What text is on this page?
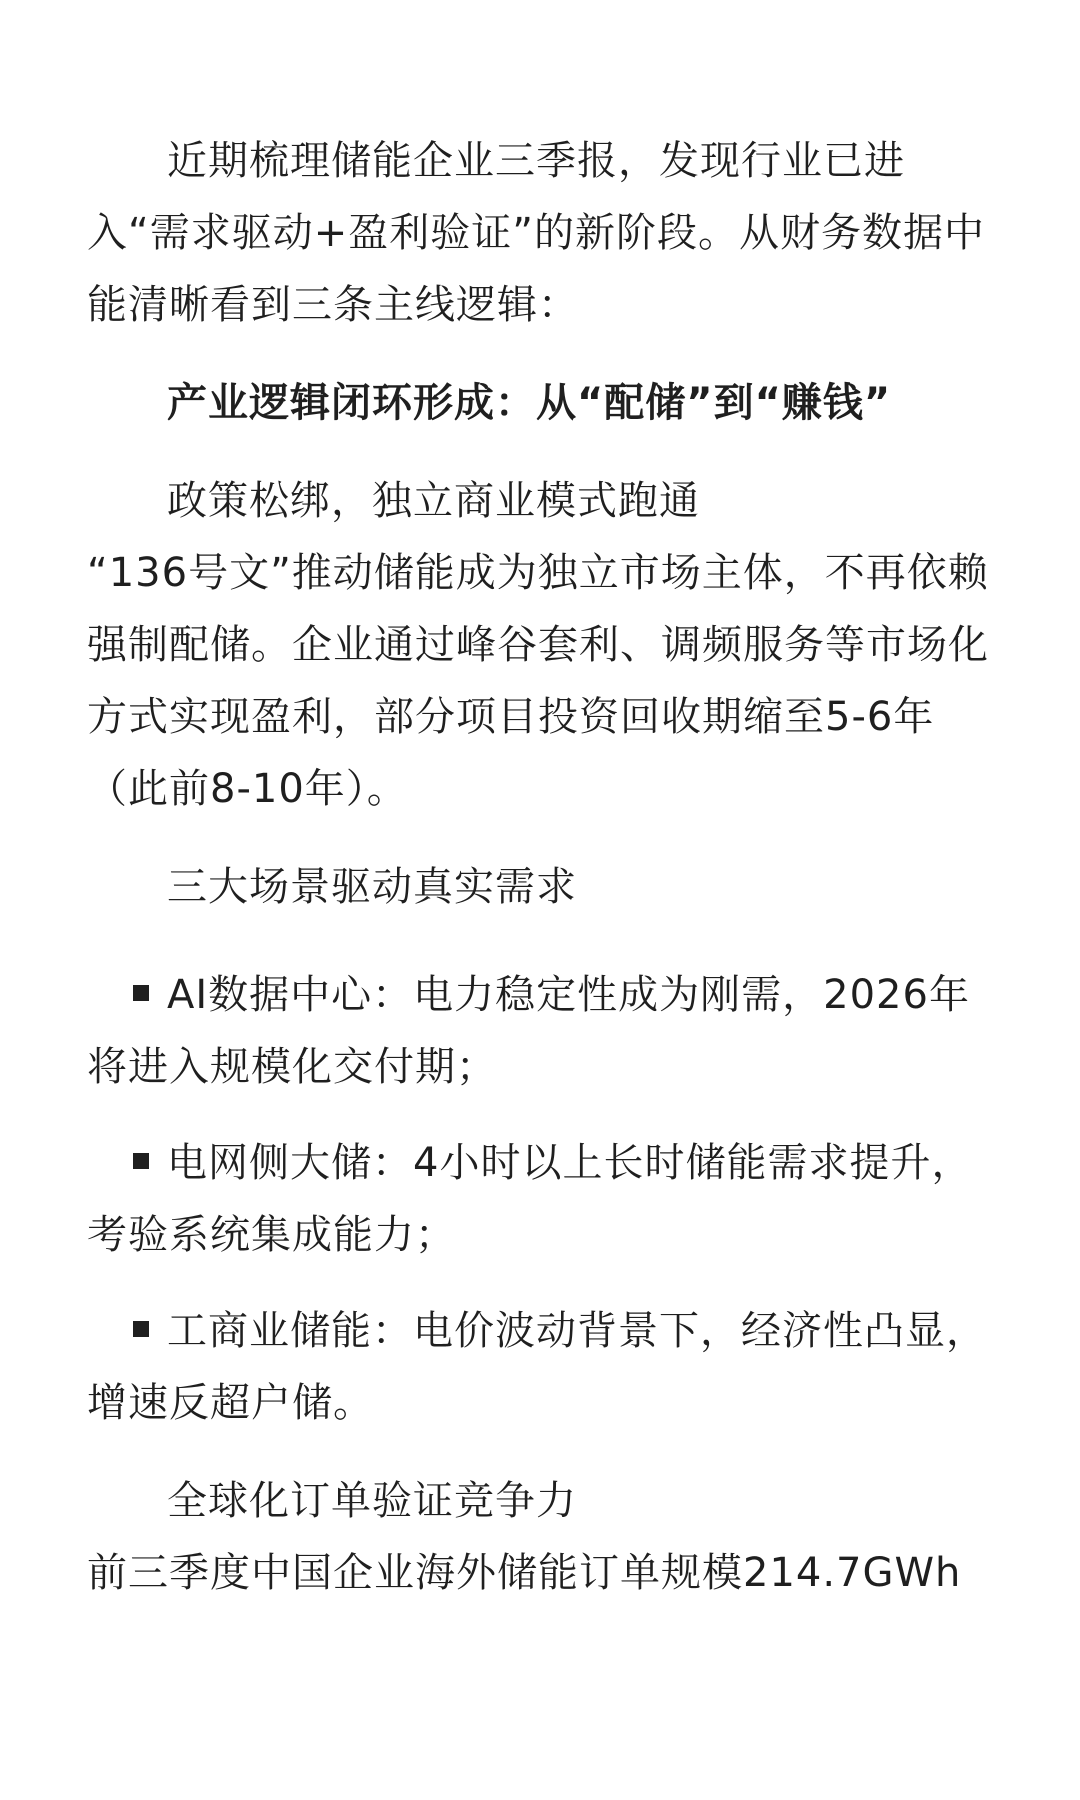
近期梳理储能企业三季报，发现行业已进入“需求驱动+盈利验证”的新阶段。从财务数据中能清晰看到三条主线逻辑：

产业逻辑闭环形成：从“配储”到“赚钱”

政策松绑，独立商业模式跑通

“136号文”推动储能成为独立市场主体，不再依赖强制配储。企业通过峰谷套利、调频服务等市场化方式实现盈利，部分项目投资回收期缩至5-6年（此前8-10年）。

三大场景驱动真实需求

AI数据中心：电力稳定性成为刚需，2026年将进入规模化交付期；

电网侧大储：4小时以上长时储能需求提升，考验系统集成能力；

工商业储能：电价波动背景下，经济性凸显，增速反超户储。

全球化订单验证竞争力

前三季度中国企业海外储能订单规模214.7GWh
